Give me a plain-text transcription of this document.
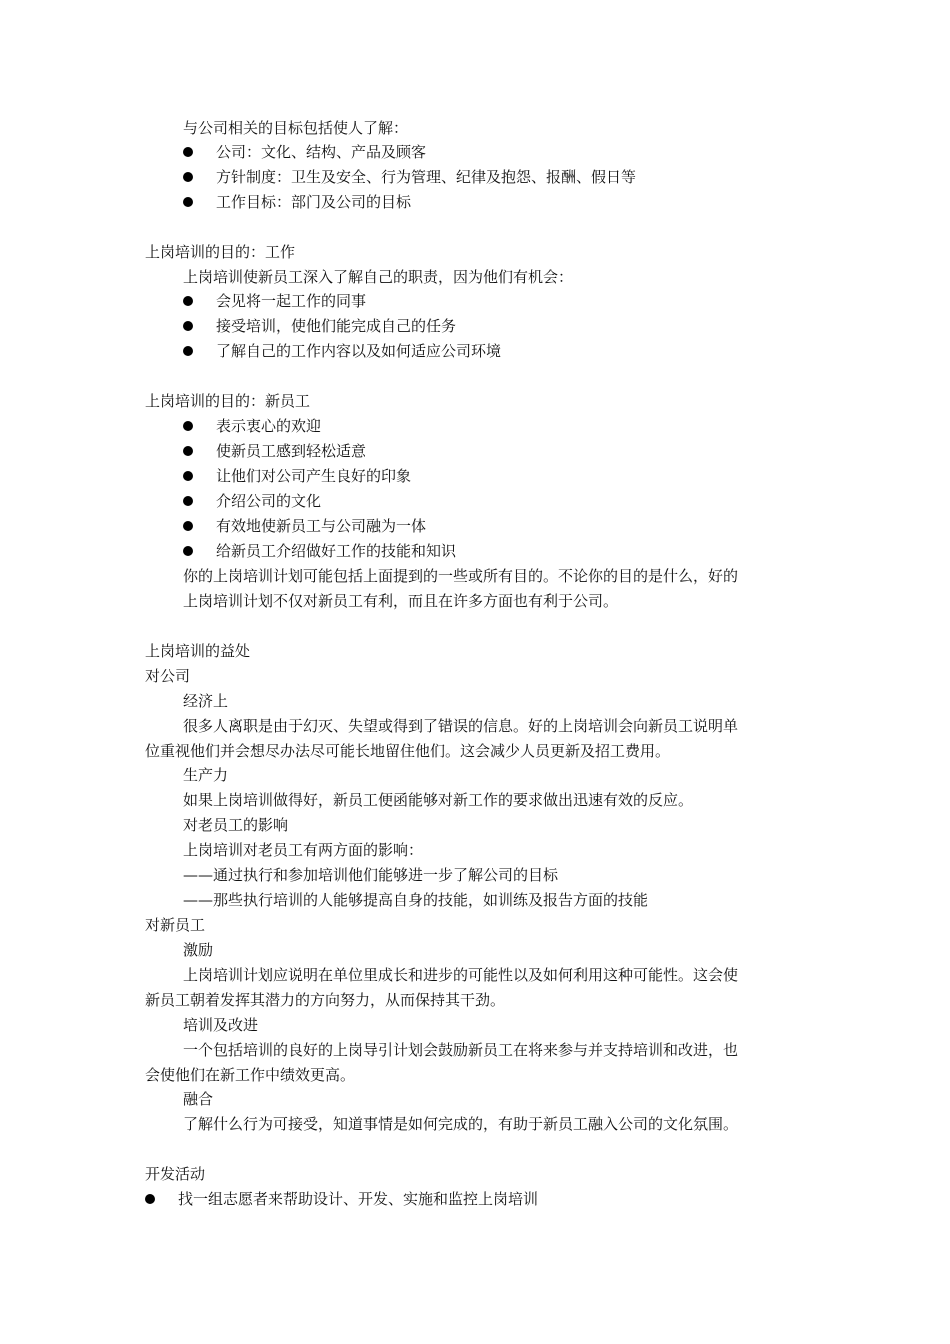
与公司相关的目标包括使人了解：
公司：文化、结构、产品及顾客
方针制度：卫生及安全、行为管理、纪律及抱怨、报酬、假日等
工作目标：部门及公司的目标
上岗培训的目的：工作
上岗培训使新员工深入了解自己的职责，因为他们有机会：
会见将一起工作的同事
接受培训，使他们能完成自己的任务
了解自己的工作内容以及如何适应公司环境
上岗培训的目的：新员工
表示衷心的欢迎
使新员工感到轻松适意
让他们对公司产生良好的印象
介绍公司的文化
有效地使新员工与公司融为一体
给新员工介绍做好工作的技能和知识
你的上岗培训计划可能包括上面提到的一些或所有目的。不论你的目的是什么，好的
上岗培训计划不仅对新员工有利，而且在许多方面也有利于公司。
上岗培训的益处
对公司
经济上
很多人离职是由于幻灭、失望或得到了错误的信息。好的上岗培训会向新员工说明单
位重视他们并会想尽办法尽可能长地留住他们。这会减少人员更新及招工费用。
生产力
如果上岗培训做得好，新员工便函能够对新工作的要求做出迅速有效的反应。
对老员工的影响
上岗培训对老员工有两方面的影响：
——通过执行和参加培训他们能够进一步了解公司的目标
——那些执行培训的人能够提高自身的技能，如训练及报告方面的技能
对新员工
激励
上岗培训计划应说明在单位里成长和进步的可能性以及如何利用这种可能性。这会使
新员工朝着发挥其潜力的方向努力，从而保持其干劲。
培训及改进
一个包括培训的良好的上岗导引计划会鼓励新员工在将来参与并支持培训和改进，也
会使他们在新工作中绩效更高。
融合
了解什么行为可接受，知道事情是如何完成的，有助于新员工融入公司的文化氛围。
开发活动
找一组志愿者来帮助设计、开发、实施和监控上岗培训
